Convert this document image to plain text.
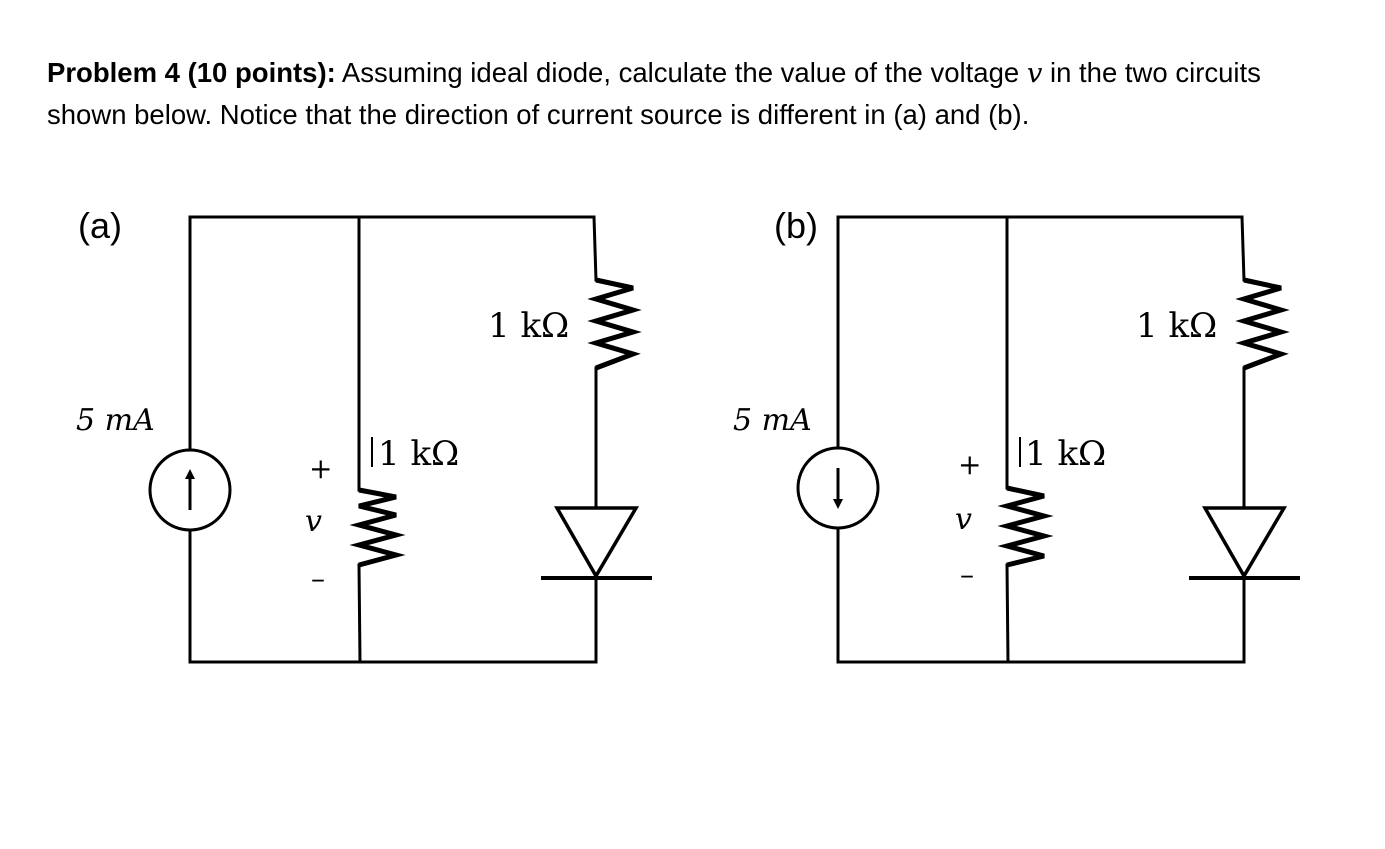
Problem 4 (10 points): Assuming ideal diode, calculate the value of the voltage v in the two circuits shown below. Notice that the direction of current source is different in (a) and (b).
(a)
5 mA
1 kΩ
+
v
–
1 kΩ
(b)
5 mA
1 kΩ
+
v
–
1 kΩ
